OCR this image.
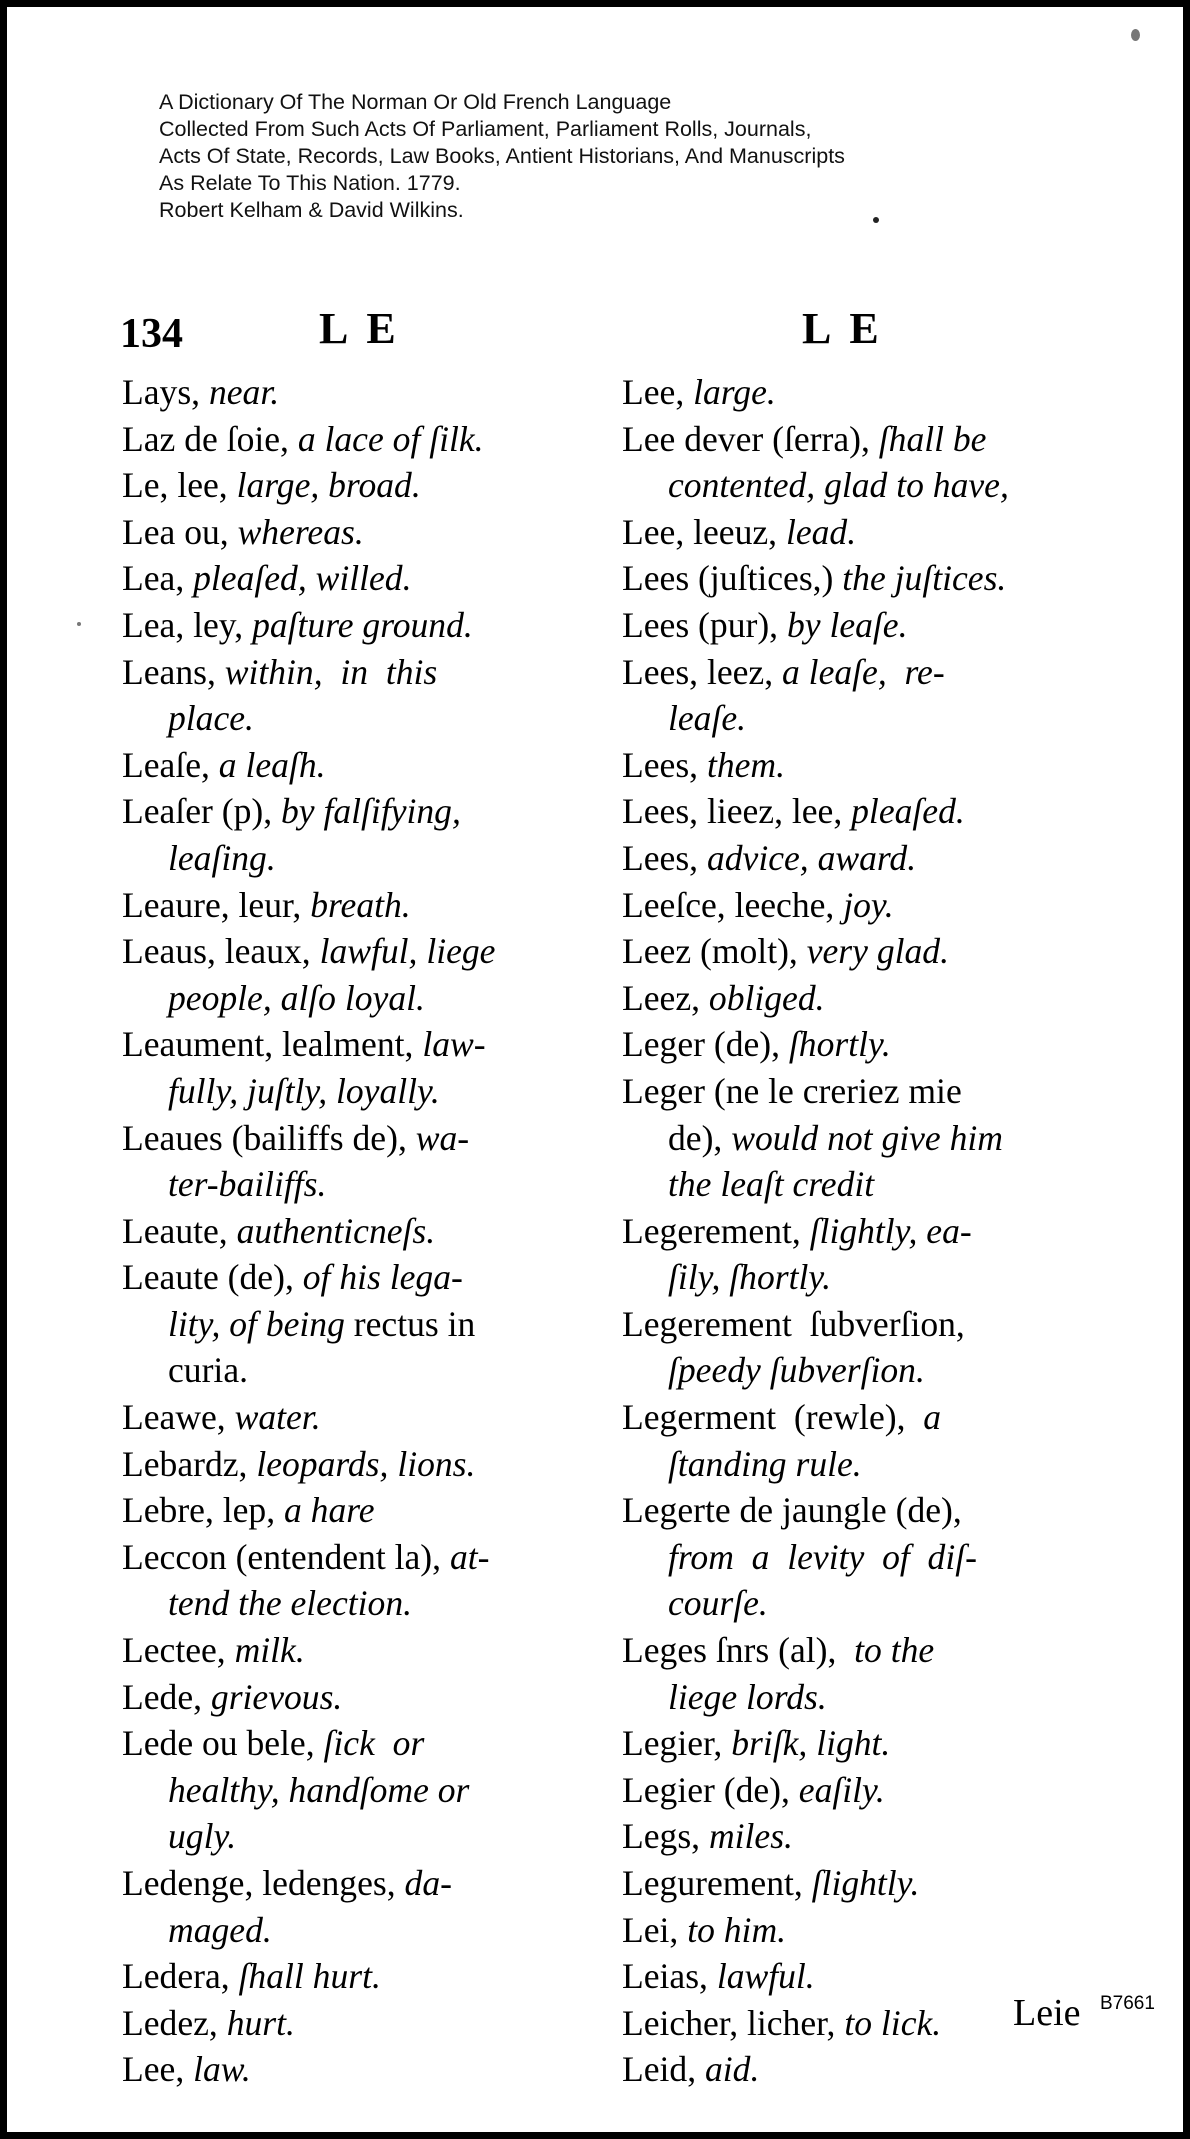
A Dictionary Of The Norman Or Old French Language
Collected From Such Acts Of Parliament, Parliament Rolls, Journals,
Acts Of State, Records, Law Books, Antient Historians, And Manuscripts
As Relate To This Nation. 1779.
Robert Kelham & David Wilkins.
134	LE	LE
Lays, near.
Laz de ſoie, a lace of ſilk.
Le, lee, large, broad.
Lea ou, whereas.
Lea, pleaſed, willed.
Lea, ley, paſture ground.
Leans, within,  in  this
place.
Leaſe, a leaſh.
Leaſer (p), by falſifying,
leaſing.
Leaure, leur, breath.
Leaus, leaux, lawful, liege
people, alſo loyal.
Leaument, lealment, law-
fully, juſtly, loyally.
Leaues (bailiffs de), wa-
ter-bailiffs.
Leaute, authenticneſs.
Leaute (de), of his lega-
lity, of being rectus in
curia.
Leawe, water.
Lebardz, leopards, lions.
Lebre, lep, a hare
Leccon (entendent la), at-
tend the election.
Lectee, milk.
Lede, grievous.
Lede ou bele, ſick  or
healthy, handſome or
ugly.
Ledenge, ledenges, da-
maged.
Ledera, ſhall hurt.
Ledez, hurt.
Lee, law.
Lee, large.
Lee dever (ſerra), ſhall be
contented, glad to have,
Lee, leeuz, lead.
Lees (juſtices,) the juſtices.
Lees (pur), by leaſe.
Lees, leez, a leaſe,  re-
leaſe.
Lees, them.
Lees, lieez, lee, pleaſed.
Lees, advice, award.
Leeſce, leeche, joy.
Leez (molt), very glad.
Leez, obliged.
Leger (de), ſhortly.
Leger (ne le creriez mie
de), would not give him
the leaſt credit
Legerement, ſlightly, ea-
ſily, ſhortly.
Legerement  ſubverſion,
ſpeedy ſubverſion.
Legerment  (rewle),  a
ſtanding rule.
Legerte de jaungle (de),
from  a  levity  of  diſ-
courſe.
Leges ſnrs (al),  to the
liege lords.
Legier, briſk, light.
Legier (de), eaſily.
Legs, miles.
Legurement, ſlightly.
Lei, to him.
Leias, lawful.
Leicher, licher, to lick.
Leid, aid.
Leie B7661
